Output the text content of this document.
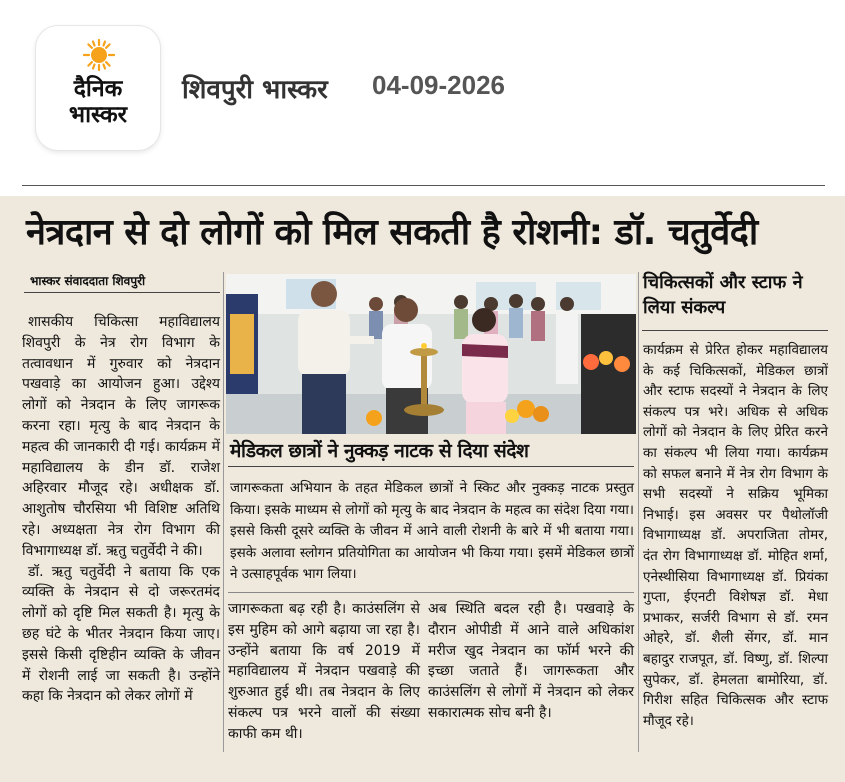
दैनिक
भास्कर
शिवपुरी भास्कर 04-09-2026
नेत्रदान से दो लोगों को मिल सकती है रोशनी: डॉ. चतुर्वेदी
भास्कर संवाददाता शिवपुरी

शासकीय चिकित्सा महाविद्यालय शिवपुरी के नेत्र रोग विभाग के तत्वावधान में गुरुवार को नेत्रदान पखवाड़े का आयोजन हुआ। उद्देश्य लोगों को नेत्रदान के लिए जागरूक करना रहा। मृत्यु के बाद नेत्रदान के महत्व की जानकारी दी गई। कार्यक्रम में महाविद्यालय के डीन डॉ. राजेश अहिरवार मौजूद रहे। अधीक्षक डॉ. आशुतोष चौरसिया भी विशिष्ट अतिथि रहे। अध्यक्षता नेत्र रोग विभाग की विभागाध्यक्ष डॉ. ऋतु चतुर्वेदी ने की।

डॉ. ऋतु चतुर्वेदी ने बताया कि एक व्यक्ति के नेत्रदान से दो जरूरतमंद लोगों को दृष्टि मिल सकती है। मृत्यु के छह घंटे के भीतर नेत्रदान किया जाए। इससे किसी दृष्टिहीन व्यक्ति के जीवन में रोशनी लाई जा सकती है। उन्होंने कहा कि नेत्रदान को लेकर लोगों में

मेडिकल छात्रों ने नुक्कड़ नाटक से दिया संदेश
जागरूकता अभियान के तहत मेडिकल छात्रों ने स्किट और नुक्कड़ नाटक प्रस्तुत किया। इसके माध्यम से लोगों को मृत्यु के बाद नेत्रदान के महत्व का संदेश दिया गया। इससे किसी दूसरे व्यक्ति के जीवन में आने वाली रोशनी के बारे में भी बताया गया। इसके अलावा स्लोगन प्रतियोगिता का आयोजन भी किया गया। इसमें मेडिकल छात्रों ने उत्साहपूर्वक भाग लिया।
जागरूकता बढ़ रही है। काउंसलिंग से इस मुहिम को आगे बढ़ाया जा रहा है। उन्होंने बताया कि वर्ष 2019 में महाविद्यालय में नेत्रदान पखवाड़े की शुरुआत हुई थी। तब नेत्रदान के लिए संकल्प पत्र भरने वालों की संख्या काफी कम थी।
अब स्थिति बदल रही है। पखवाड़े के दौरान ओपीडी में आने वाले अधिकांश मरीज खुद नेत्रदान का फॉर्म भरने की इच्छा जताते हैं। जागरूकता और काउंसलिंग से लोगों में नेत्रदान को लेकर सकारात्मक सोच बनी है।
चिकित्सकों और स्टाफ ने लिया संकल्प
कार्यक्रम से प्रेरित होकर महाविद्यालय के कई चिकित्सकों, मेडिकल छात्रों और स्टाफ सदस्यों ने नेत्रदान के लिए संकल्प पत्र भरे। अधिक से अधिक लोगों को नेत्रदान के लिए प्रेरित करने का संकल्प भी लिया गया। कार्यक्रम को सफल बनाने में नेत्र रोग विभाग के सभी सदस्यों ने सक्रिय भूमिका निभाई। इस अवसर पर पैथोलॉजी विभागाध्यक्ष डॉ. अपराजिता तोमर, दंत रोग विभागाध्यक्ष डॉ. मोहित शर्मा, एनेस्थीसिया विभागाध्यक्ष डॉ. प्रियंका गुप्ता, ईएनटी विशेषज्ञ डॉ. मेधा प्रभाकर, सर्जरी विभाग से डॉ. रमन ओहरे, डॉ. शैली सेंगर, डॉ. मान बहादुर राजपूत, डॉ. विष्णु, डॉ. शिल्पा सुपेकर, डॉ. हेमलता बामोरिया, डॉ. गिरीश सहित चिकित्सक और स्टाफ मौजूद रहे।
